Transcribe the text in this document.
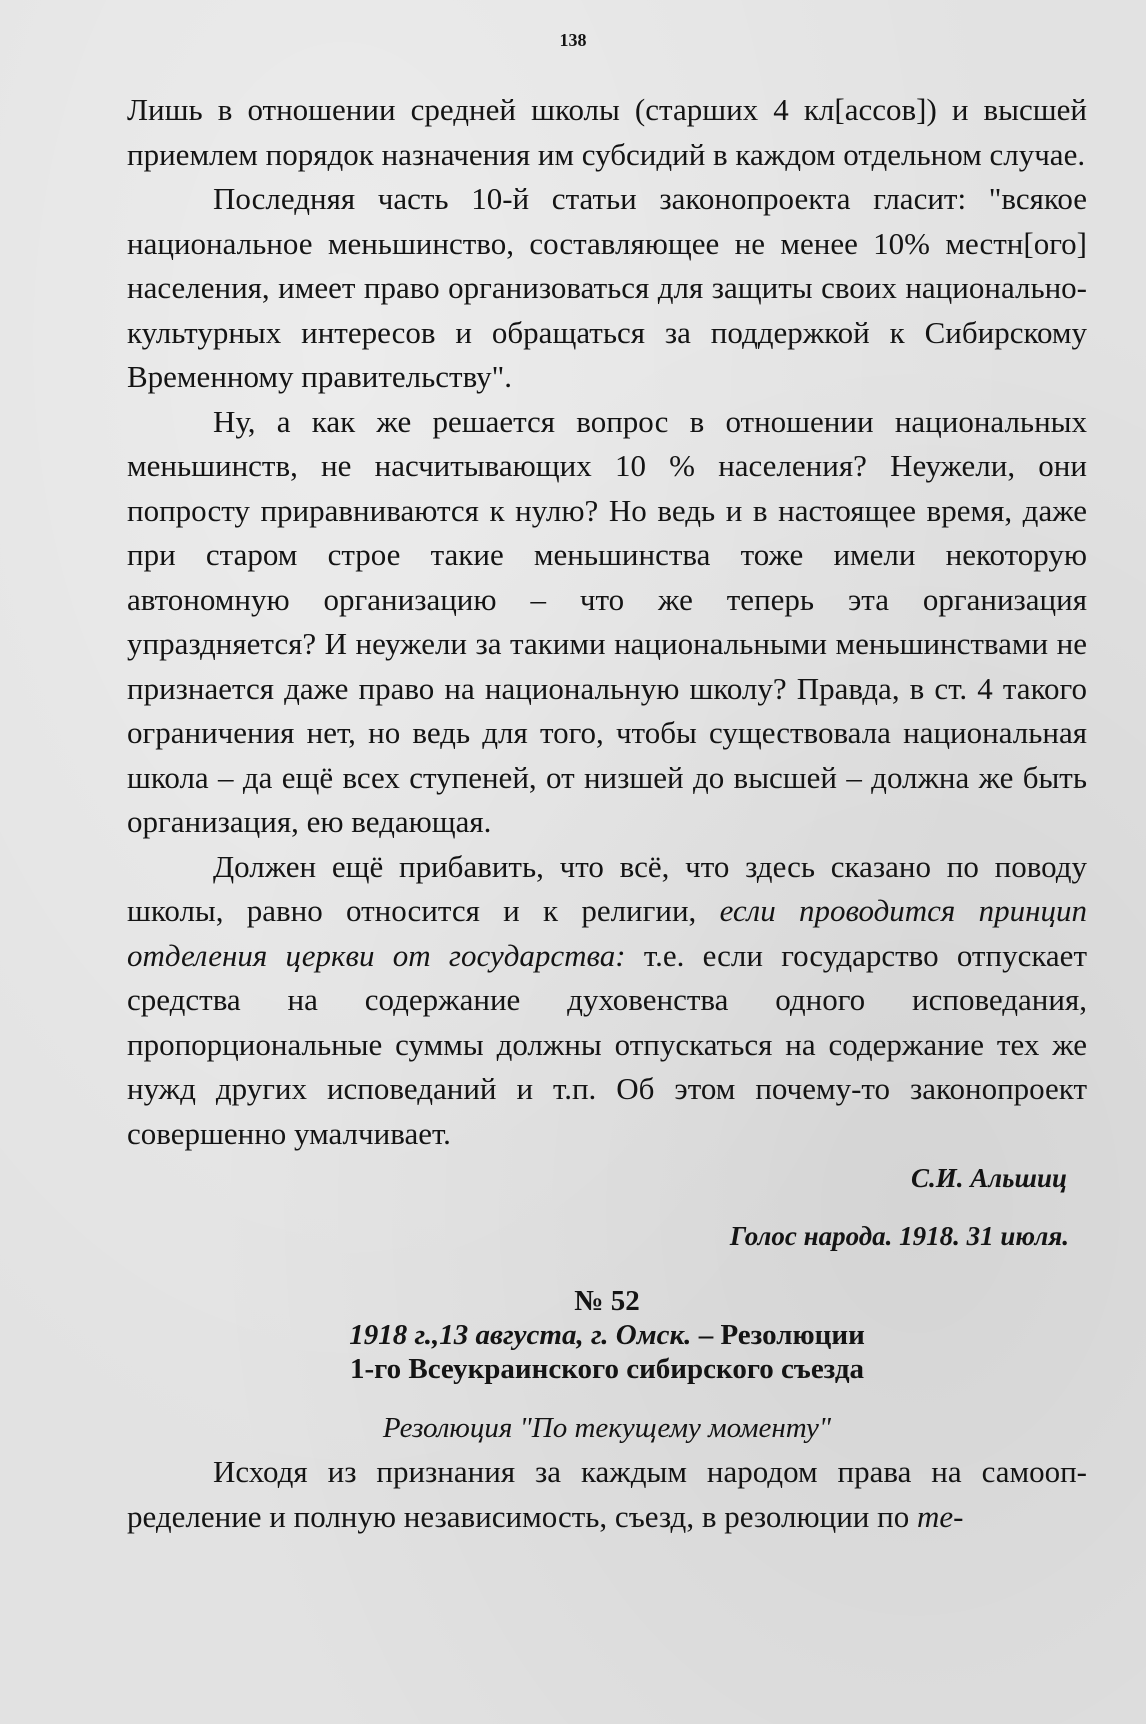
138

Лишь в отношении средней школы (старших 4 кл[ассов]) и высшей приемлем порядок назначения им субсидий в каждом отдельном случае.

Последняя часть 10-й статьи законопроекта гласит: "всякое национальное меньшинство, составляющее не менее 10% местн[ого] населения, имеет право организоваться для защиты своих национально-культурных интересов и обращаться за поддержкой к Сибирскому Временному правительству".

Ну, а как же решается вопрос в отношении национальных меньшинств, не насчитывающих 10 % населения? Неужели, они попросту приравниваются к нулю? Но ведь и в настоящее время, даже при старом строе такие меньшинства тоже имели некоторую автономную организацию – что же теперь эта организация упраздняется? И неужели за такими национальными меньшинствами не признается даже право на национальную школу? Правда, в ст. 4 такого ограничения нет, но ведь для того, чтобы существовала национальная школа – да ещё всех ступеней, от низшей до высшей – должна же быть организация, ею ведающая.

Должен ещё прибавить, что всё, что здесь сказано по поводу школы, равно относится и к религии, если проводится принцип отделения церкви от государства: т.е. если государство отпускает средства на содержание духовенства одного исповедания, пропорциональные суммы должны отпускаться на содержание тех же нужд других исповеданий и т.п. Об этом почему-то законопроект совершенно умалчивает.

С.И. Альшиц
Голос народа. 1918. 31 июля.
№ 52
1918 г.,13 августа, г. Омск. – Резолюции
1-го Всеукраинского сибирского съезда
Резолюция "По текущему моменту"

Исходя из признания за каждым народом права на самоопределение и полную независимость, съезд, в резолюции по те-
